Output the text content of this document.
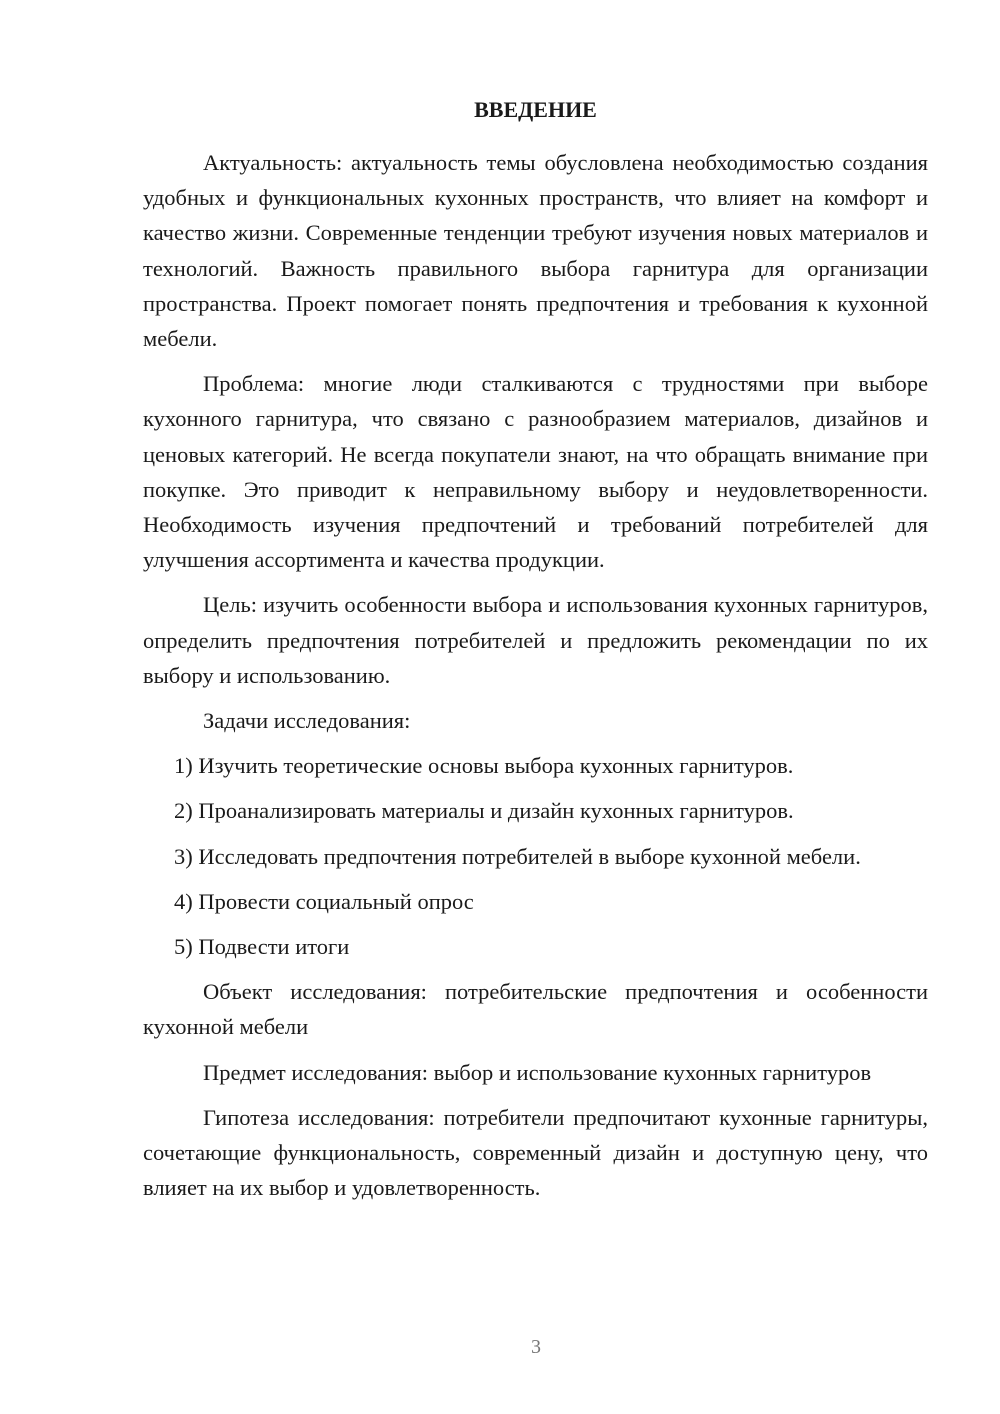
ВВЕДЕНИЕ

Актуальность: актуальность темы обусловлена необходимостью создания удобных и функциональных кухонных пространств, что влияет на комфорт и качество жизни. Современные тенденции требуют изучения новых материалов и технологий. Важность правильного выбора гарнитура для организации пространства. Проект помогает понять предпочтения и требования к кухонной мебели.

Проблема: многие люди сталкиваются с трудностями при выборе кухонного гарнитура, что связано с разнообразием материалов, дизайнов и ценовых категорий. Не всегда покупатели знают, на что обращать внимание при покупке. Это приводит к неправильному выбору и неудовлетворенности. Необходимость изучения предпочтений и требований потребителей для улучшения ассортимента и качества продукции.

Цель: изучить особенности выбора и использования кухонных гарнитуров, определить предпочтения потребителей и предложить рекомендации по их выбору и использованию.

Задачи исследования:

1) Изучить теоретические основы выбора кухонных гарнитуров.

2) Проанализировать материалы и дизайн кухонных гарнитуров.

3) Исследовать предпочтения потребителей в выборе кухонной мебели.

4) Провести социальный опрос

5) Подвести итоги

Объект исследования: потребительские предпочтения и особенности кухонной мебели

Предмет исследования: выбор и использование кухонных гарнитуров

Гипотеза исследования: потребители предпочитают кухонные гарнитуры, сочетающие функциональность, современный дизайн и доступную цену, что влияет на их выбор и удовлетворенность.

3
